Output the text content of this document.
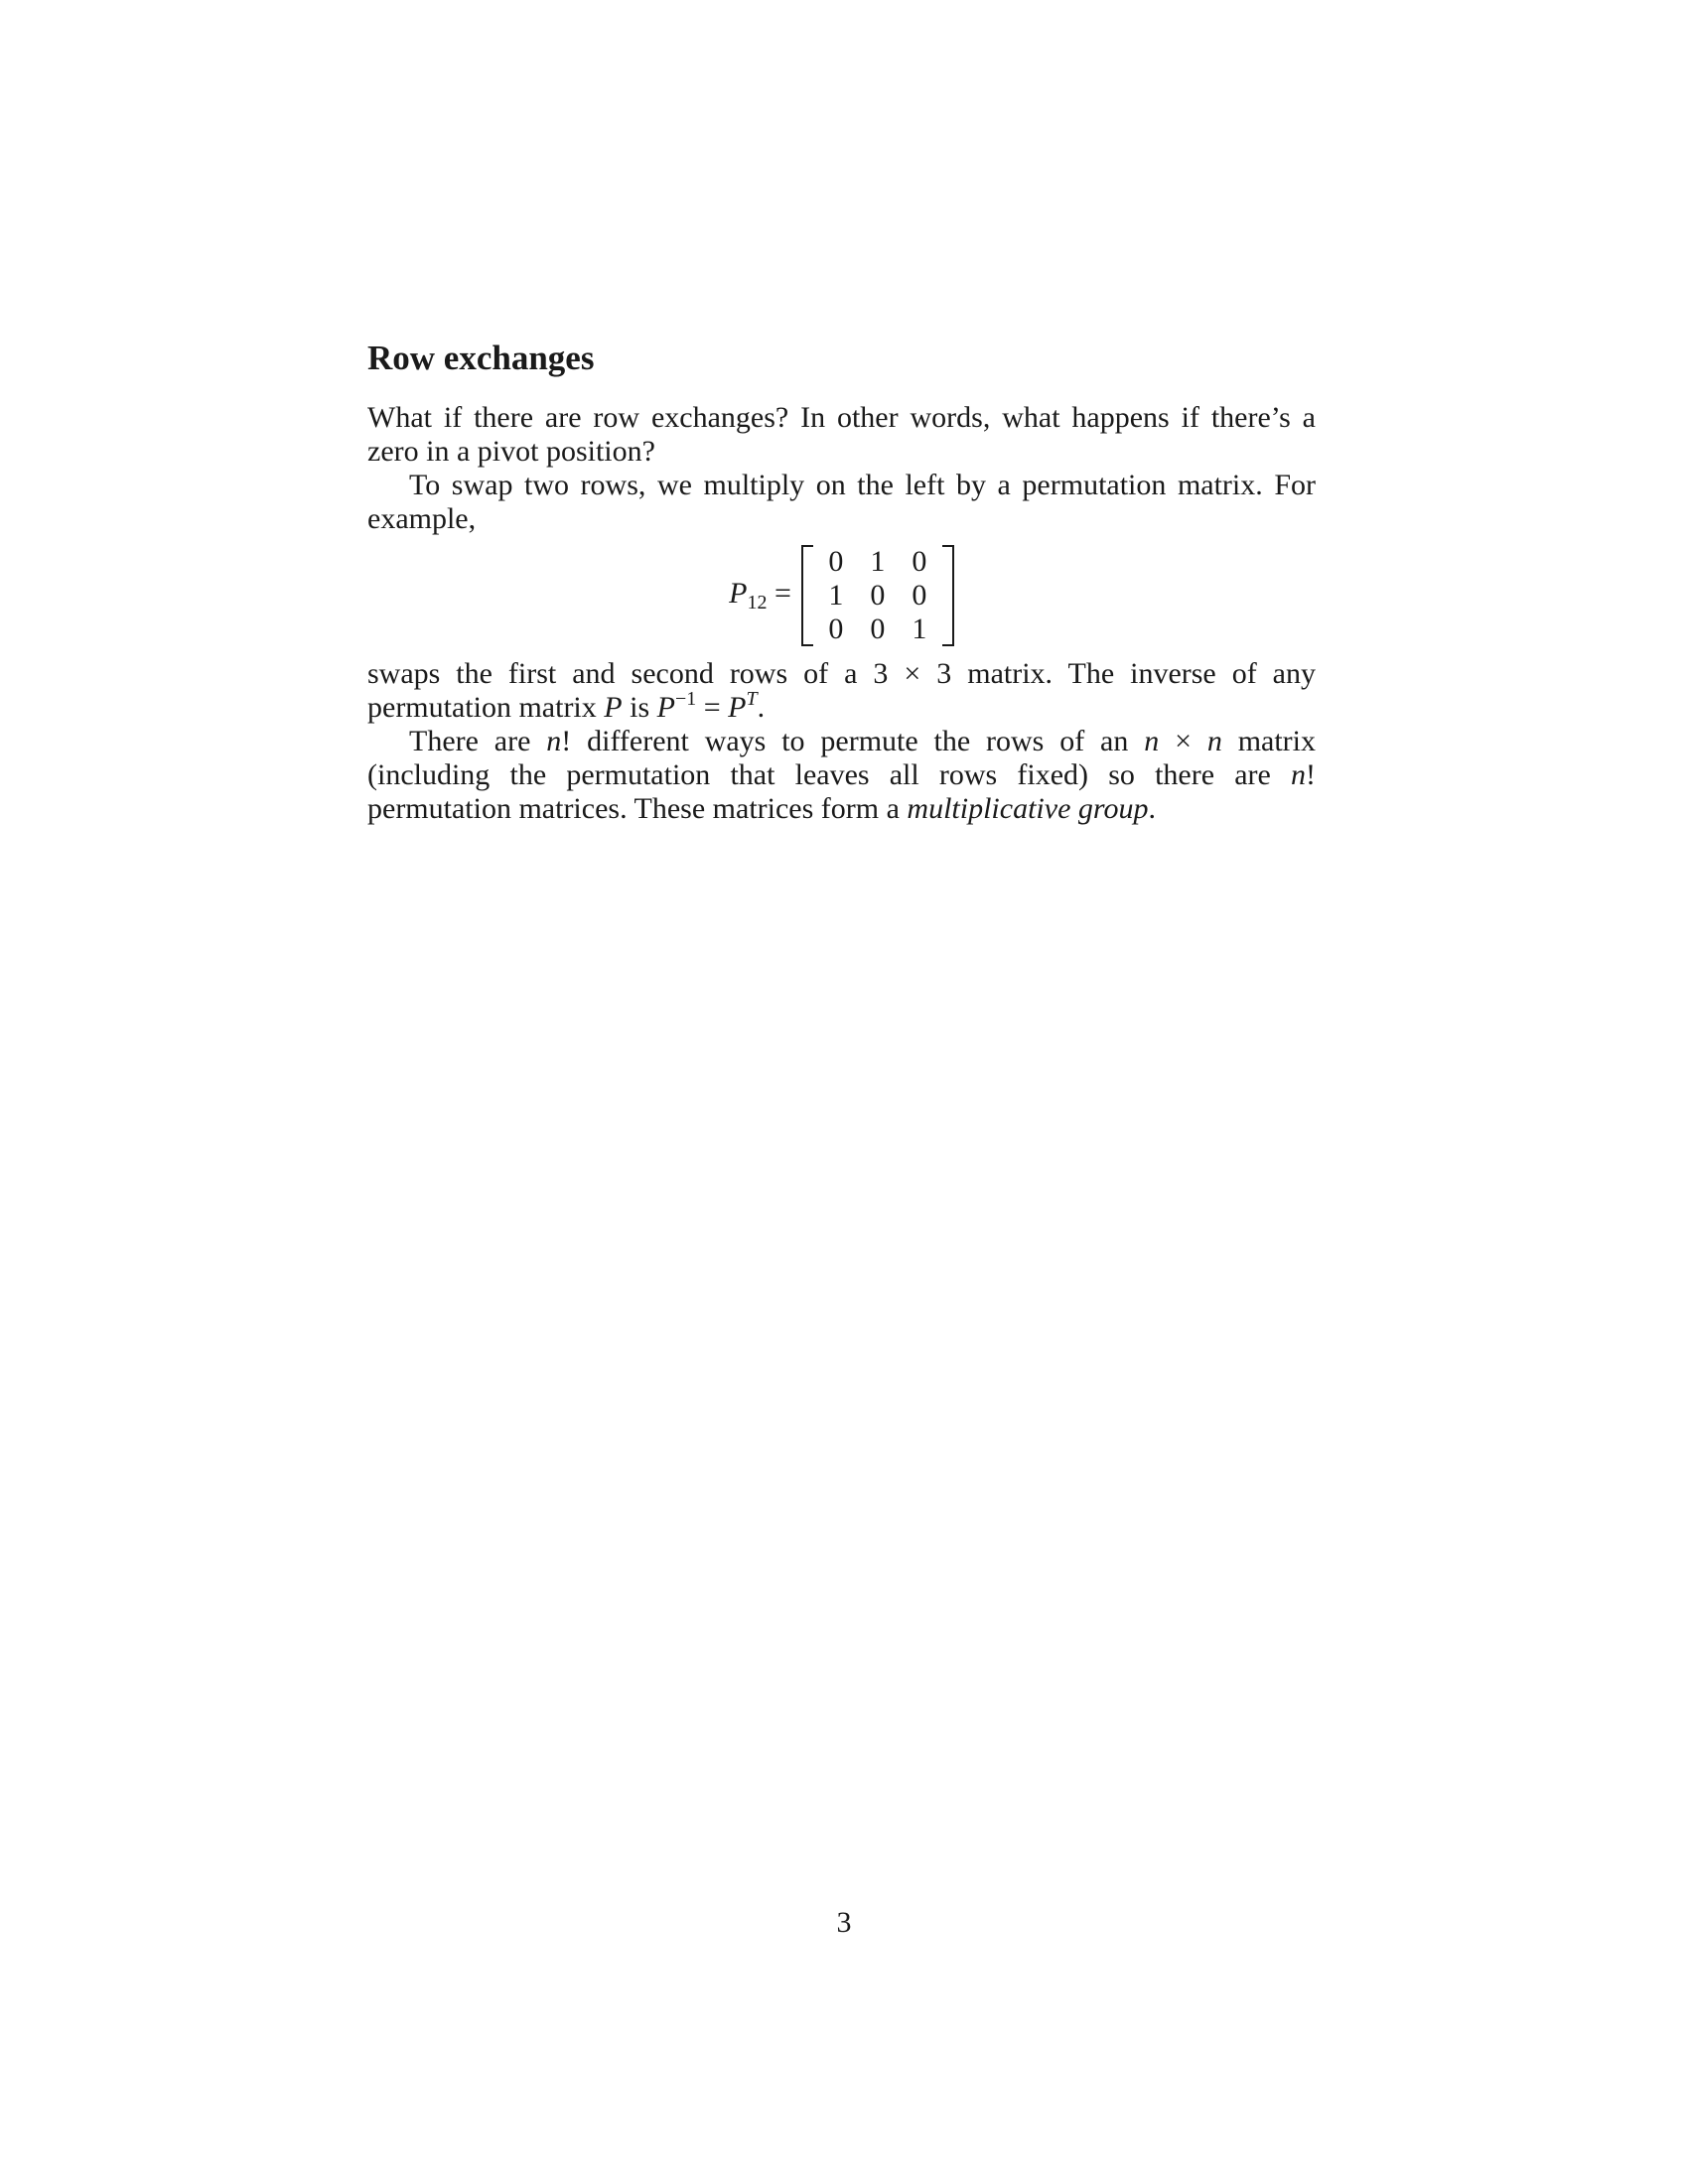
Row exchanges

What if there are row exchanges? In other words, what happens if there’s a zero in a pivot position?

To swap two rows, we multiply on the left by a permutation matrix. For example,

$P_{12}$ =
0 1 0
1 0 0
0 0 1

swaps the first and second rows of a 3 × 3 matrix. The inverse of any permutation matrix P is $P^{-1} = P^T$.

There are n! different ways to permute the rows of an n × n matrix (including the permutation that leaves all rows fixed) so there are n! permutation matrices. These matrices form a multiplicative group.

3
